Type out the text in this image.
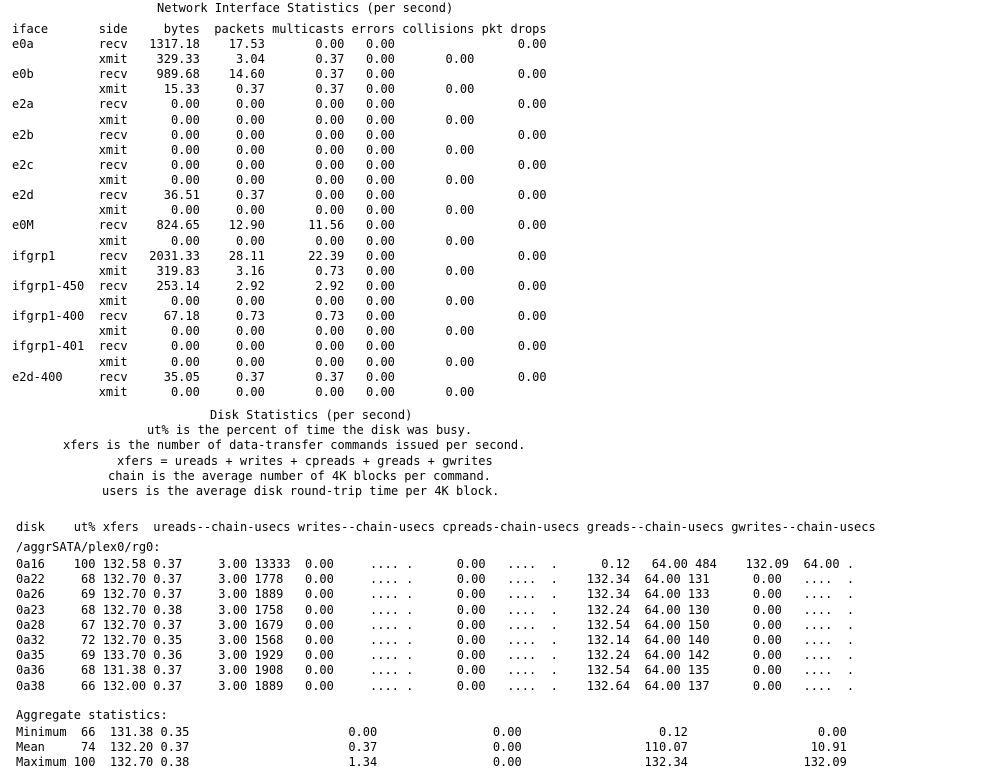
Network Interface Statistics (per second)
iface       side     bytes  packets multicasts errors collisions pkt drops
e0a         recv   1317.18    17.53       0.00   0.00                 0.00
xmit    329.33     3.04       0.37   0.00       0.00
e0b         recv    989.68    14.60       0.37   0.00                 0.00
xmit     15.33     0.37       0.37   0.00       0.00
e2a         recv      0.00     0.00       0.00   0.00                 0.00
xmit      0.00     0.00       0.00   0.00       0.00
e2b         recv      0.00     0.00       0.00   0.00                 0.00
xmit      0.00     0.00       0.00   0.00       0.00
e2c         recv      0.00     0.00       0.00   0.00                 0.00
xmit      0.00     0.00       0.00   0.00       0.00
e2d         recv     36.51     0.37       0.00   0.00                 0.00
xmit      0.00     0.00       0.00   0.00       0.00
e0M         recv    824.65    12.90      11.56   0.00                 0.00
xmit      0.00     0.00       0.00   0.00       0.00
ifgrp1      recv   2031.33    28.11      22.39   0.00                 0.00
xmit    319.83     3.16       0.73   0.00       0.00
ifgrp1-450  recv    253.14     2.92       2.92   0.00                 0.00
xmit      0.00     0.00       0.00   0.00       0.00
ifgrp1-400  recv     67.18     0.73       0.73   0.00                 0.00
xmit      0.00     0.00       0.00   0.00       0.00
ifgrp1-401  recv      0.00     0.00       0.00   0.00                 0.00
xmit      0.00     0.00       0.00   0.00       0.00
e2d-400     recv     35.05     0.37       0.37   0.00                 0.00
xmit      0.00     0.00       0.00   0.00       0.00
Disk Statistics (per second)
ut% is the percent of time the disk was busy.
xfers is the number of data-transfer commands issued per second.
xfers = ureads + writes + cpreads + greads + gwrites
chain is the average number of 4K blocks per command.
users is the average disk round-trip time per 4K block.
disk    ut% xfers  ureads--chain-usecs writes--chain-usecs cpreads-chain-usecs greads--chain-usecs gwrites--chain-usecs
/aggrSATA/plex0/rg0:
0a16    100 132.58 0.37     3.00 13333  0.00     .... .      0.00   ....  .      0.12   64.00 484    132.09  64.00 .
0a22     68 132.70 0.37     3.00 1778   0.00     .... .      0.00   ....  .    132.34  64.00 131      0.00   ....  .
0a26     69 132.70 0.37     3.00 1889   0.00     .... .      0.00   ....  .    132.34  64.00 133      0.00   ....  .
0a23     68 132.70 0.38     3.00 1758   0.00     .... .      0.00   ....  .    132.24  64.00 130      0.00   ....  .
0a28     67 132.70 0.37     3.00 1679   0.00     .... .      0.00   ....  .    132.54  64.00 150      0.00   ....  .
0a32     72 132.70 0.35     3.00 1568   0.00     .... .      0.00   ....  .    132.14  64.00 140      0.00   ....  .
0a35     69 133.70 0.36     3.00 1929   0.00     .... .      0.00   ....  .    132.24  64.00 142      0.00   ....  .
0a36     68 131.38 0.37     3.00 1908   0.00     .... .      0.00   ....  .    132.54  64.00 135      0.00   ....  .
0a38     66 132.00 0.37     3.00 1889   0.00     .... .      0.00   ....  .    132.64  64.00 137      0.00   ....  .
Aggregate statistics:
Minimum  66  131.38 0.35                      0.00                0.00                   0.12                  0.00
Mean     74  132.20 0.37                      0.37                0.00                 110.07                 10.91
Maximum 100  132.70 0.38                      1.34                0.00                 132.34                132.09
